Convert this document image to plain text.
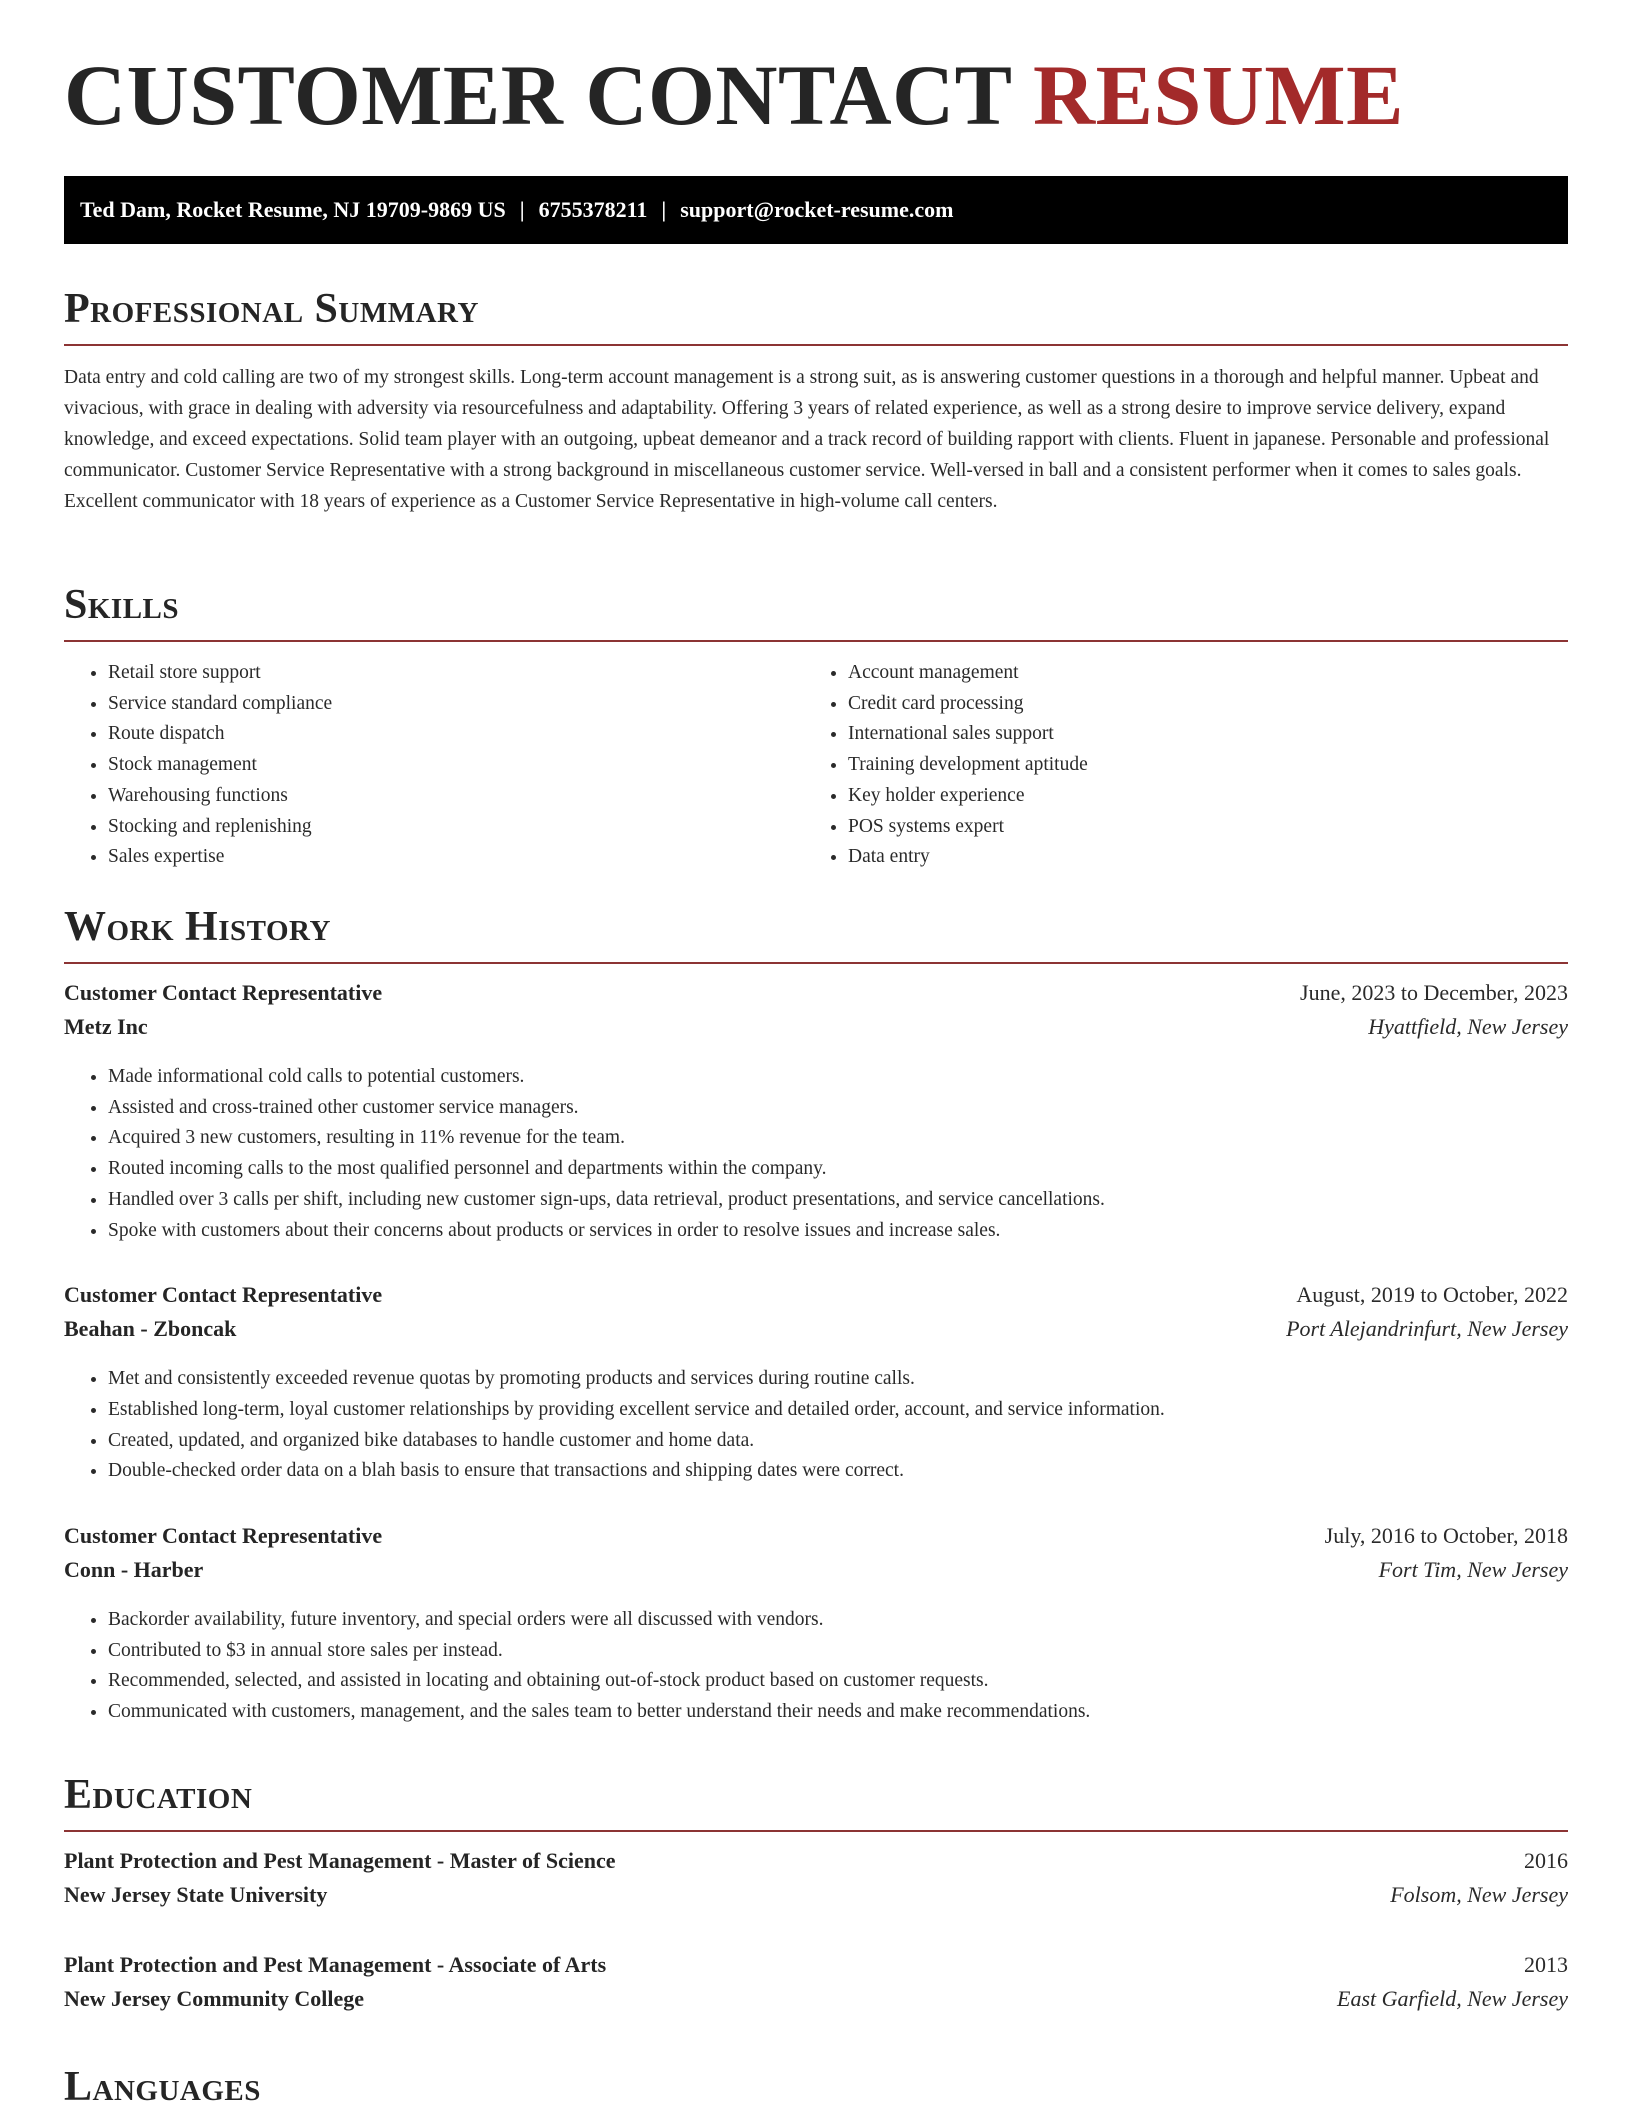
CUSTOMER CONTACT RESUME
Ted Dam, Rocket Resume, NJ 19709-9869 US | 6755378211 | support@rocket-resume.com
Professional Summary

Data entry and cold calling are two of my strongest skills. Long-term account management is a strong suit, as is answering customer questions in a thorough and helpful manner. Upbeat and vivacious, with grace in dealing with adversity via resourcefulness and adaptability. Offering 3 years of related experience, as well as a strong desire to improve service delivery, expand knowledge, and exceed expectations. Solid team player with an outgoing, upbeat demeanor and a track record of building rapport with clients. Fluent in japanese. Personable and professional communicator. Customer Service Representative with a strong background in miscellaneous customer service. Well-versed in ball and a consistent performer when it comes to sales goals. Excellent communicator with 18 years of experience as a Customer Service Representative in high-volume call centers.

Skills
• Retail store support
• Service standard compliance
• Route dispatch
• Stock management
• Warehousing functions
• Stocking and replenishing
• Sales expertise
• Account management
• Credit card processing
• International sales support
• Training development aptitude
• Key holder experience
• POS systems expert
• Data entry
Work History
Customer Contact Representative	June, 2023 to December, 2023
Metz Inc	Hyattfield, New Jersey
• Made informational cold calls to potential customers.
• Assisted and cross-trained other customer service managers.
• Acquired 3 new customers, resulting in 11% revenue for the team.
• Routed incoming calls to the most qualified personnel and departments within the company.
• Handled over 3 calls per shift, including new customer sign-ups, data retrieval, product presentations, and service cancellations.
• Spoke with customers about their concerns about products or services in order to resolve issues and increase sales.
Customer Contact Representative	August, 2019 to October, 2022
Beahan - Zboncak	Port Alejandrinfurt, New Jersey
• Met and consistently exceeded revenue quotas by promoting products and services during routine calls.
• Established long-term, loyal customer relationships by providing excellent service and detailed order, account, and service information.
• Created, updated, and organized bike databases to handle customer and home data.
• Double-checked order data on a blah basis to ensure that transactions and shipping dates were correct.
Customer Contact Representative	July, 2016 to October, 2018
Conn - Harber	Fort Tim, New Jersey
• Backorder availability, future inventory, and special orders were all discussed with vendors.
• Contributed to $3 in annual store sales per instead.
• Recommended, selected, and assisted in locating and obtaining out-of-stock product based on customer requests.
• Communicated with customers, management, and the sales team to better understand their needs and make recommendations.
Education
Plant Protection and Pest Management - Master of Science	2016
New Jersey State University	Folsom, New Jersey
Plant Protection and Pest Management - Associate of Arts	2013
New Jersey Community College	East Garfield, New Jersey
Languages
